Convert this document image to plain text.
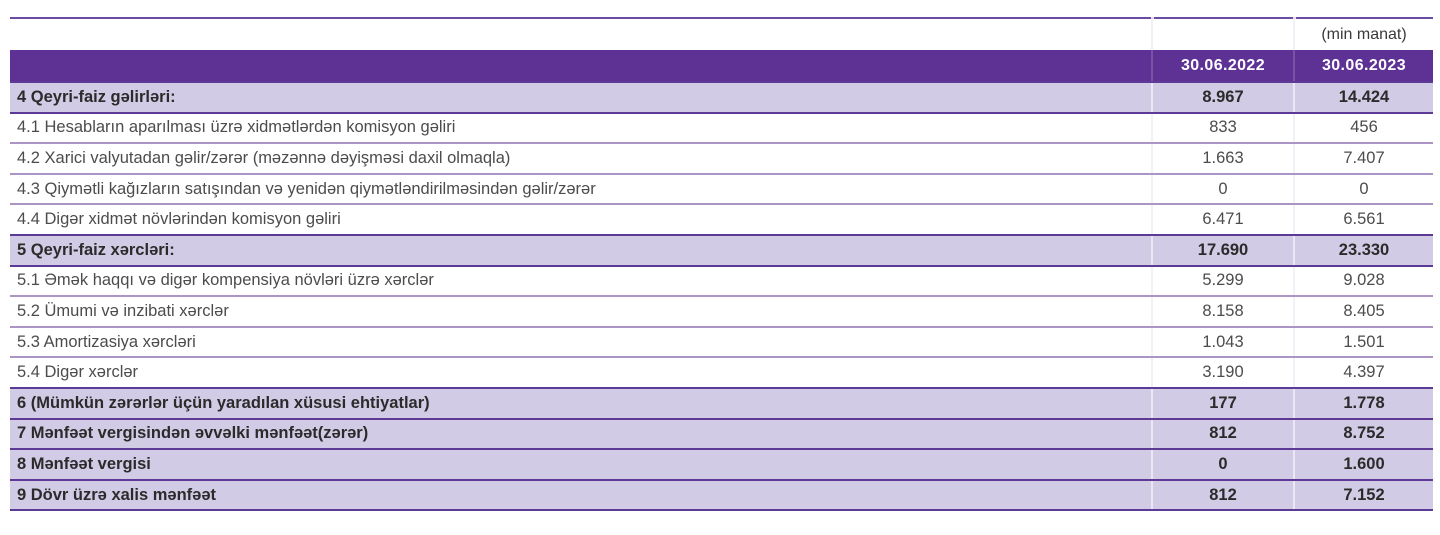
(min manat)
30.06.2022	30.06.2023
4 Qeyri-faiz gəlirləri:	8.967	14.424
4.1 Hesabların aparılması üzrə xidmətlərdən komisyon gəliri	833	456
4.2 Xarici valyutadan gəlir/zərər (məzənnə dəyişməsi daxil olmaqla)	1.663	7.407
4.3 Qiymətli kağızların satışından və yenidən qiymətləndirilməsindən gəlir/zərər	0	0
4.4 Digər xidmət növlərindən komisyon gəliri	6.471	6.561
5 Qeyri-faiz xərcləri:	17.690	23.330
5.1 Əmək haqqı və digər kompensiya növləri üzrə xərclər	5.299	9.028
5.2 Ümumi və inzibati xərclər	8.158	8.405
5.3 Amortizasiya xərcləri	1.043	1.501
5.4 Digər xərclər	3.190	4.397
6 (Mümkün zərərlər üçün yaradılan xüsusi ehtiyatlar)	177	1.778
7 Mənfəət vergisindən əvvəlki mənfəət(zərər)	812	8.752
8 Mənfəət vergisi	0	1.600
9 Dövr üzrə xalis mənfəət	812	7.152
